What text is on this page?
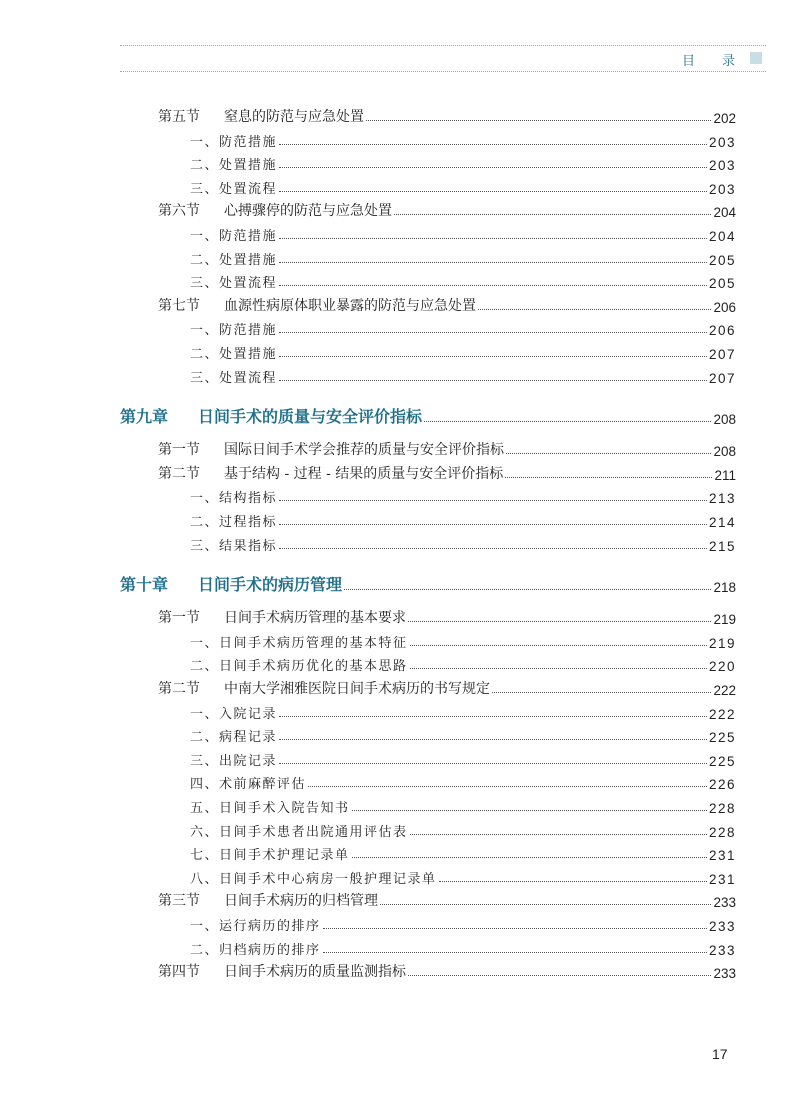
目 录
第五节 窒息的防范与应急处置	202
一、防范措施	203
二、处置措施	203
三、处置流程	203
第六节 心搏骤停的防范与应急处置	204
一、防范措施	204
二、处置措施	205
三、处置流程	205
第七节 血源性病原体职业暴露的防范与应急处置	206
一、防范措施	206
二、处置措施	207
三、处置流程	207
第九章 日间手术的质量与安全评价指标	208
第一节 国际日间手术学会推荐的质量与安全评价指标	208
第二节 基于结构 - 过程 - 结果的质量与安全评价指标	211
一、结构指标	213
二、过程指标	214
三、结果指标	215
第十章 日间手术的病历管理	218
第一节 日间手术病历管理的基本要求	219
一、日间手术病历管理的基本特征	219
二、日间手术病历优化的基本思路	220
第二节 中南大学湘雅医院日间手术病历的书写规定	222
一、入院记录	222
二、病程记录	225
三、出院记录	225
四、术前麻醉评估	226
五、日间手术入院告知书	228
六、日间手术患者出院通用评估表	228
七、日间手术护理记录单	231
八、日间手术中心病房一般护理记录单	231
第三节 日间手术病历的归档管理	233
一、运行病历的排序	233
二、归档病历的排序	233
第四节 日间手术病历的质量监测指标	233
17
